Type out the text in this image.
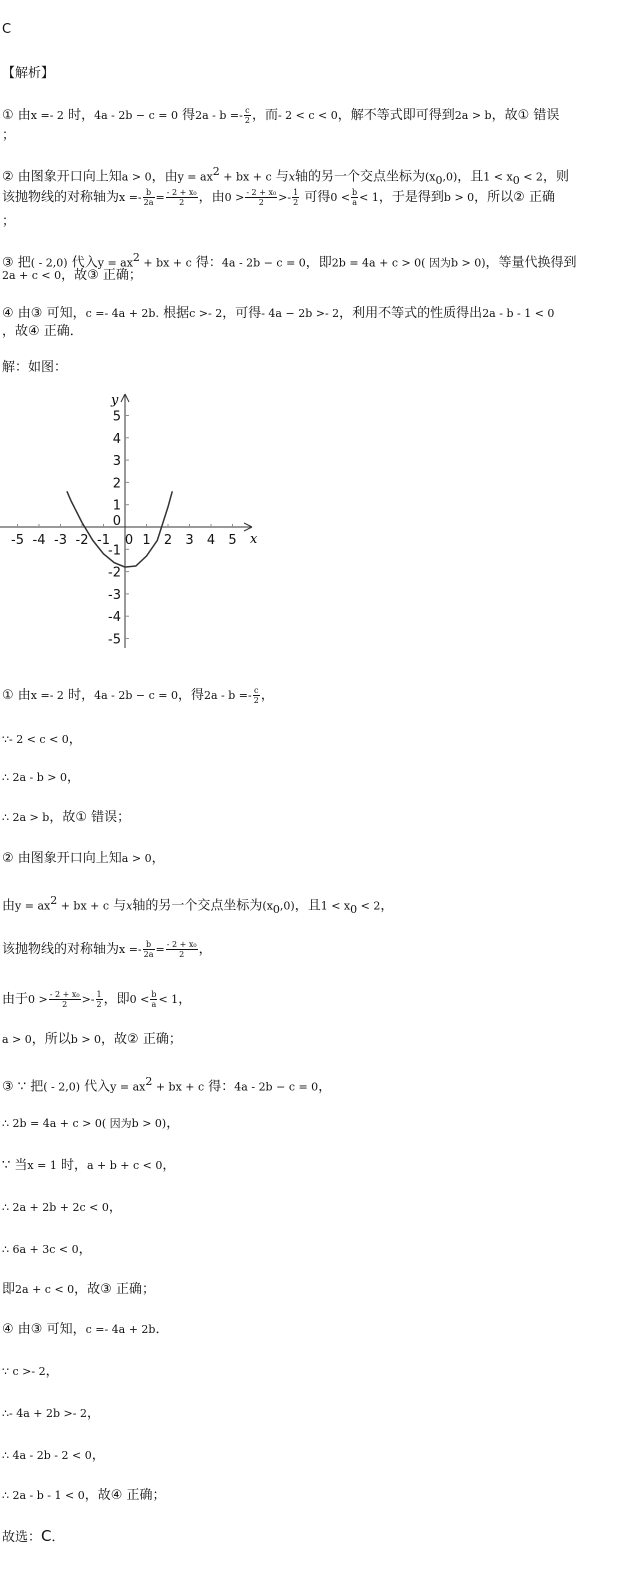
C
【解析】
① 由x =- 2 时，4a - 2b − c = 0 得$2a - b =- \frac{c}{2}$ ，而- 2 < c < 0，解不等式即可得到2a > b，故① 错误
；
② 由图象开口向上知a > 0，由$y = ax^2$ + bx + c 与x轴的另一个交点坐标为$(x_0,0)$，且$1 < x_0 < 2$，则
该抛物线的对称轴为$x =- \frac{b}{2a} = \frac{\text{- 2 + x₀}}{2}$ ，由$0 > \frac{\text{- 2 + x₀}}{2} >- \frac{1}{2}$ 可得$0 < \frac{b}{a} < 1$，于是得到b > 0，所以② 正确
；
③ 把( - 2,0) 代入$y = ax^2$ + bx + c 得：4a - 2b − c = 0，即2b = 4a + c > 0( 因为b > 0)，等量代换得到
2a + c < 0，故③ 正确；
④ 由③ 可知，c =- 4a + 2b. 根据c >- 2，可得- 4a − 2b >- 2，利用不等式的性质得出2a - b - 1 < 0
，故④ 正确．
解：如图：
-5 -4 -3 -2 -1 0 1 2 3 4 5
5
4
3
2
1
-1
-2
-3
-4
-5
0
x
y
① 由x =- 2 时，4a - 2b − c = 0，得$2a - b =- \frac{c}{2}$ ，
∵- 2 < c < 0，
∴ 2a - b > 0，
∴ 2a > b，故① 错误；
② 由图象开口向上知a > 0，
由$y = ax^2$ + bx + c 与x轴的另一个交点坐标为$(x_0,0)$，且$1 < x_0 < 2$，
该抛物线的对称轴为$x =- \frac{b}{2a} = \frac{\text{- 2 + x₀}}{2}$ ，
由于$0 > \frac{\text{- 2 + x₀}}{2} >- \frac{1}{2}$ ，即$0 < \frac{b}{a} < 1$，
a > 0，所以b > 0，故② 正确；
③ ∵ 把( - 2,0) 代入$y = ax^2$ + bx + c 得：4a - 2b − c = 0，
∴ 2b = 4a + c > 0( 因为b > 0)，
∵ 当x = 1 时，a + b + c < 0，
∴ 2a + 2b + 2c < 0，
∴ 6a + 3c < 0，
即2a + c < 0，故③ 正确；
④ 由③ 可知，c =- 4a + 2b．
∵ c >- 2，
∴- 4a + 2b >- 2，
∴ 4a - 2b - 2 < 0，
∴ 2a - b - 1 < 0，故④ 正确；
故选：C．
